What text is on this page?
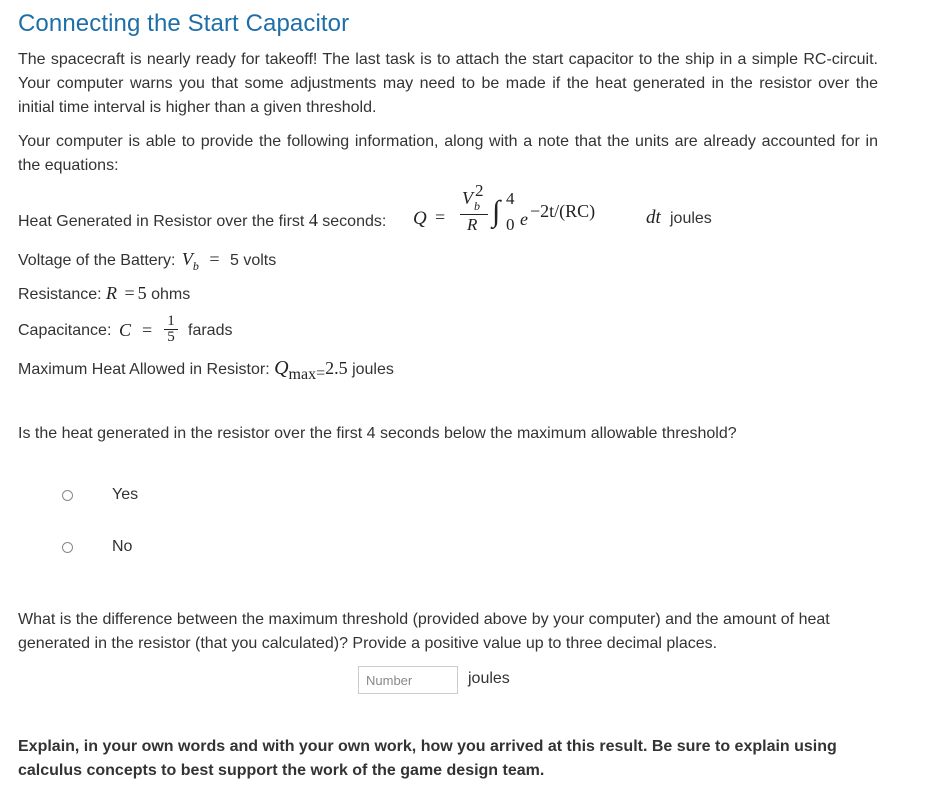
Connecting the Start Capacitor

The spacecraft is nearly ready for takeoff! The last task is to attach the start capacitor to the ship in a simple RC-circuit. Your computer warns you that some adjustments may need to be made if the heat generated in the resistor over the initial time interval is higher than a given threshold.

Your computer is able to provide the following information, along with a note that the units are already accounted for in the equations:

Heat Generated in Resistor over the first 4 seconds: Q =
V 2
b
R ∫ 4
0 e −2t/(RC)	dt joules
Voltage of the Battery: $V_b = 5$ volts
Resistance: R = 5 ohms
Capacitance: C = 1
5 farads
Maximum Heat Allowed in Resistor: Qmax=2.5 joules

Is the heat generated in the resistor over the first 4 seconds below the maximum allowable threshold?

Yes
No

What is the difference between the maximum threshold (provided above by your computer) and the amount of heat generated in the resistor (that you calculated)? Provide a positive value up to three decimal places.

Number
joules

Explain, in your own words and with your own work, how you arrived at this result. Be sure to explain using calculus concepts to best support the work of the game design team.
